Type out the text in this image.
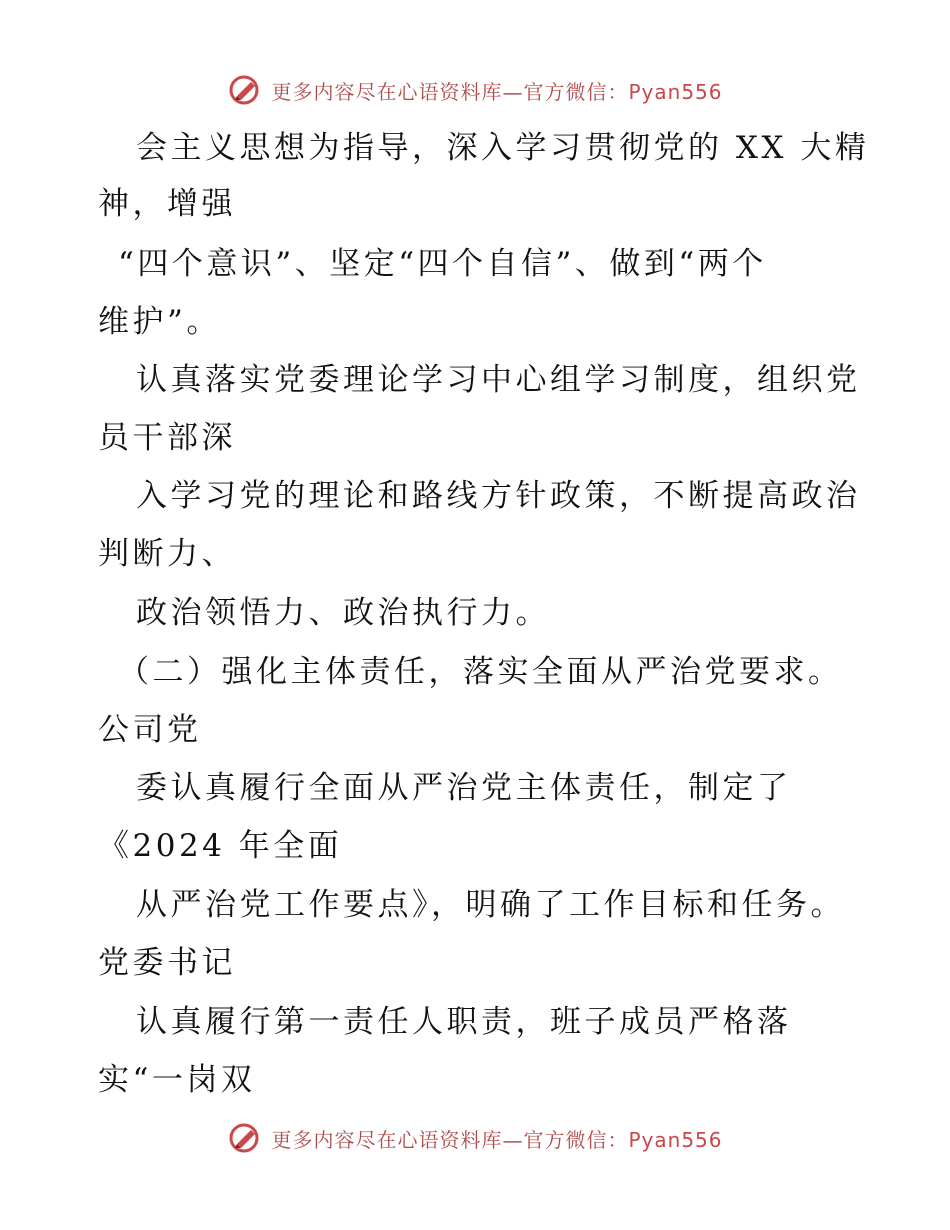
更多内容尽在心语资料库—官方微信：Pyan556
会主义思想为指导，深入学习贯彻党的 XX 大精
神，增强
“四个意识”、坚定“四个自信”、做到“两个
维护”。
认真落实党委理论学习中心组学习制度，组织党
员干部深
入学习党的理论和路线方针政策，不断提高政治
判断力、
政治领悟力、政治执行力。
（二）强化主体责任，落实全面从严治党要求。
公司党
委认真履行全面从严治党主体责任，制定了
《2024 年全面
从严治党工作要点》，明确了工作目标和任务。
党委书记
认真履行第一责任人职责，班子成员严格落
实“一岗双
更多内容尽在心语资料库—官方微信：Pyan556
